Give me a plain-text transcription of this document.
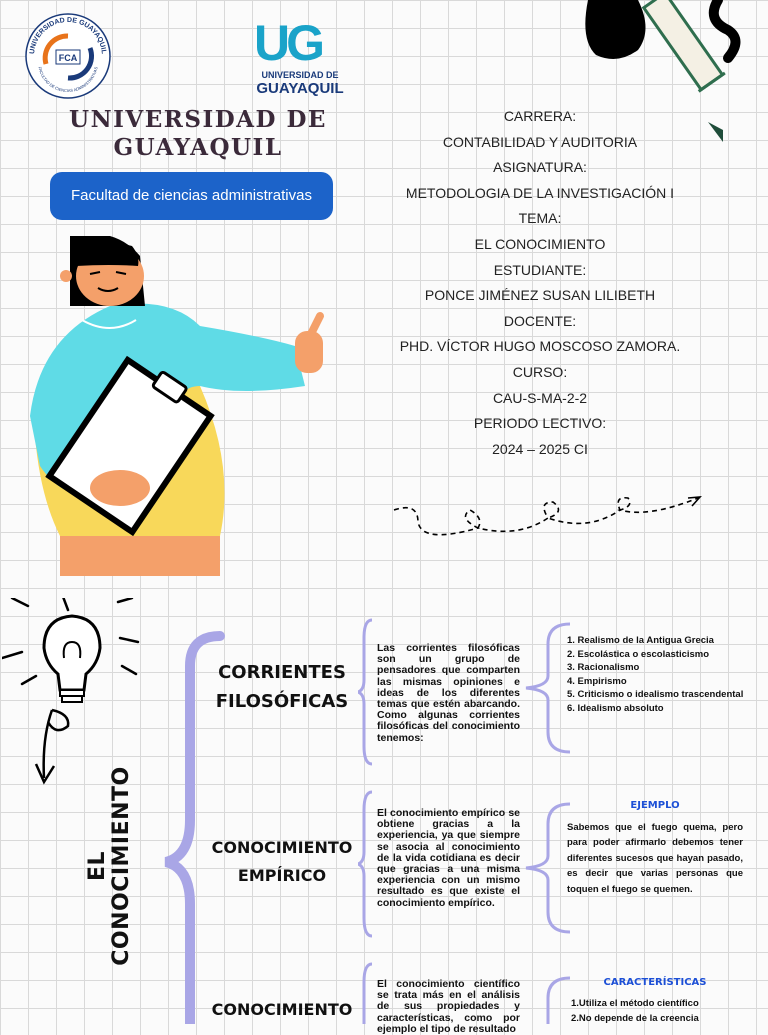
UNIVERSIDAD DE GUAYAQUIL
FACULTAD DE CIENCIAS ADMINISTRATIVAS
FCA	UG
UNIVERSIDAD DE
GUAYAQUIL
UNIVERSIDAD DE
GUAYAQUIL
Facultad de ciencias administrativas
CARRERA:
CONTABILIDAD Y AUDITORIA
ASIGNATURA:
METODOLOGIA DE LA INVESTIGACIÓN I
TEMA:
EL CONOCIMIENTO
ESTUDIANTE:
PONCE JIMÉNEZ SUSAN LILIBETH
DOCENTE:
PHD. VÍCTOR HUGO MOSCOSO ZAMORA.
CURSO:
CAU-S-MA-2-2
PERIODO LECTIVO:
2024 – 2025 CI
EL CONOCIMIENTO
CORRIENTES
FILOSÓFICAS
CONOCIMIENTO
EMPÍRICO
CONOCIMIENTO
Las corrientes filosóficas son un grupo de pensadores que comparten las mismas opiniones e ideas de los diferentes temas que estén abarcando. Como algunas corrientes filosóficas del conocimiento tenemos:
El conocimiento empírico se obtiene gracias a la experiencia, ya que siempre se asocia al conocimiento de la vida cotidiana es decir que gracias a una misma experiencia con un mismo resultado es que existe el conocimiento empírico.
El conocimiento científico se trata más en el análisis de sus propiedades y características, como por ejemplo el tipo de resultado
1. Realismo de la Antigua Grecia
2. Escolástica o escolasticismo
3. Racionalismo
4. Empirismo
5. Criticismo o idealismo trascendental
6. Idealismo absoluto
EJEMPLO
Sabemos que el fuego quema, pero para poder afirmarlo debemos tener diferentes sucesos que hayan pasado, es decir que varias personas que toquen el fuego se quemen.
CARACTERÍSTICAS
1.Utiliza el método científico
2.No depende de la creencia
